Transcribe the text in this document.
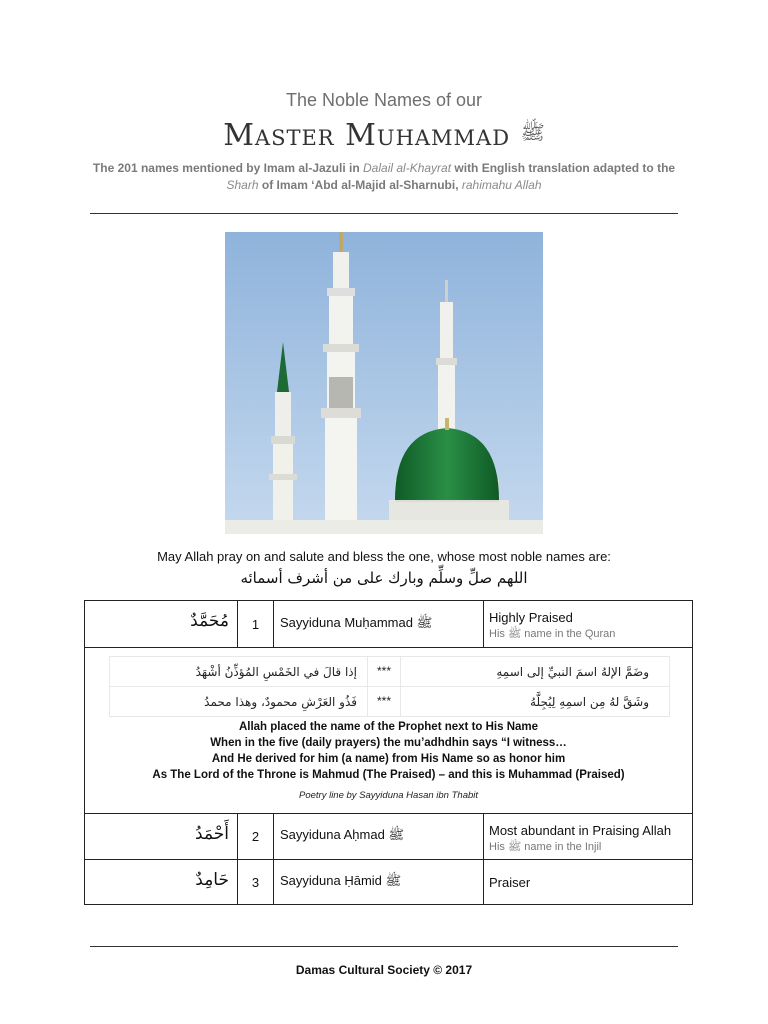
The Noble Names of our
Master Muhammad $^ﷺ$
The 201 names mentioned by Imam al-Jazuli in Dalail al-Khayrat with English translation adapted to the Sharh of Imam ‘Abd al-Majid al-Sharnubi, rahimahu Allah
May Allah pray on and salute and bless the one, whose most noble names are:
اللهم صلِّ وسلِّم وبارك على من أشرف أسمائه
مُحَمَّدٌ	1	Sayyiduna Muḥammad ﷺ	Highly Praised
His ﷺ name in the Quran
وضَمَّ الإلهُ اسمَ النبيِّ إلى اسمِهِ
***
إذا قالَ في الخَمْسِ المُؤذِّنُ أشْهَدُ
وشَقَّ لهُ مِن اسمِهِ لِيُجِلَّهُ
***
فَذُو العَرْشِ محمودٌ، وهذا محمدُ
Allah placed the name of the Prophet next to His Name
When in the five (daily prayers) the mu’adhdhin says “I witness…
And He derived for him (a name) from His Name so as honor him
As The Lord of the Throne is Mahmud (The Praised) – and this is Muhammad (Praised)
Poetry line by Sayyiduna Hasan ibn Thabit
أَحْمَدُ	2	Sayyiduna Aḥmad ﷺ	Most abundant in Praising Allah
His ﷺ name in the Injil
حَامِدٌ	3	Sayyiduna Ḥāmid ﷺ	Praiser
Damas Cultural Society © 2017
